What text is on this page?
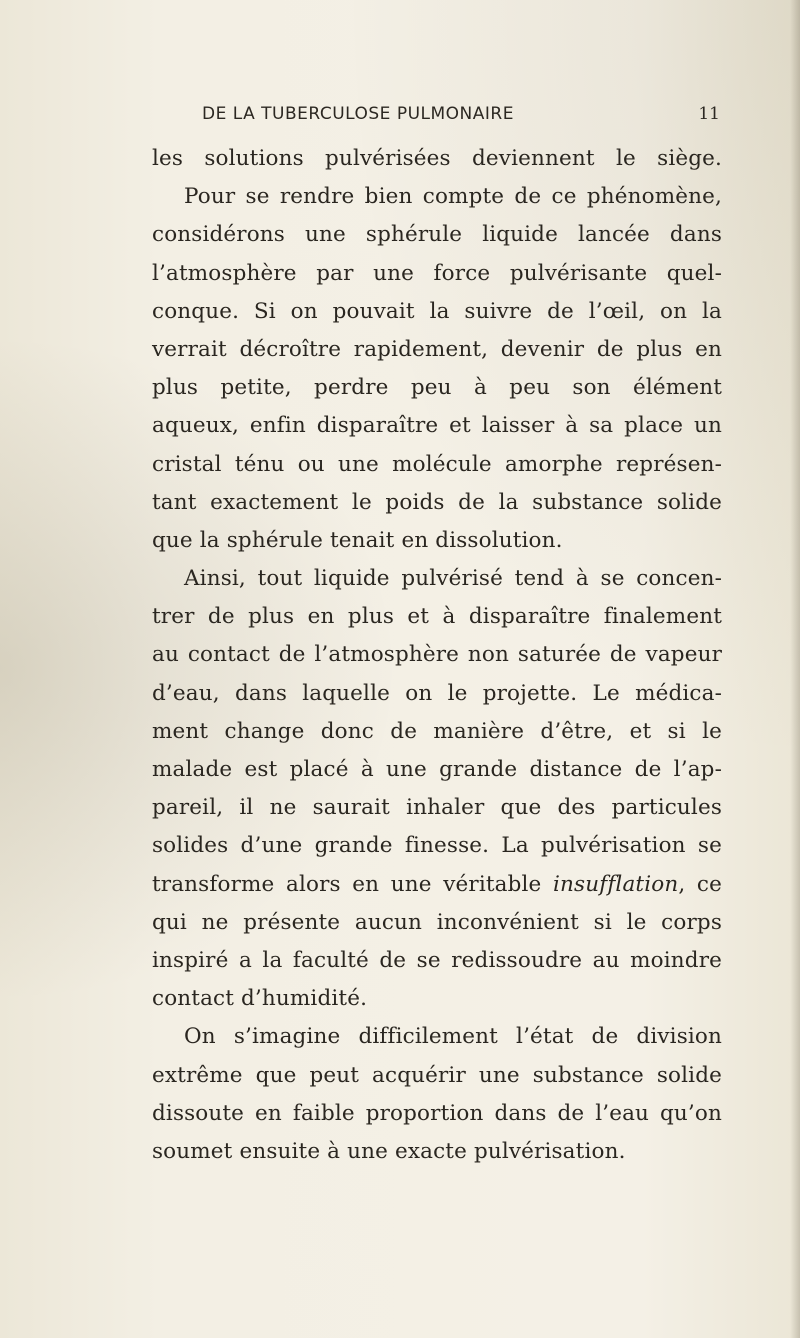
DE LA TUBERCULOSE PULMONAIRE	11
les solutions pulvérisées deviennent le siège.
Pour se rendre bien compte de ce phénomène,
considérons une sphérule liquide lancée dans
l’atmosphère par une force pulvérisante quel-
conque. Si on pouvait la suivre de l’œil, on la
verrait décroître rapidement, devenir de plus en
plus petite, perdre peu à peu son élément
aqueux, enfin disparaître et laisser à sa place un
cristal ténu ou une molécule amorphe représen-
tant exactement le poids de la substance solide
que la sphérule tenait en dissolution.
Ainsi, tout liquide pulvérisé tend à se concen-
trer de plus en plus et à disparaître finalement
au contact de l’atmosphère non saturée de vapeur
d’eau, dans laquelle on le projette. Le médica-
ment change donc de manière d’être, et si le
malade est placé à une grande distance de l’ap-
pareil, il ne saurait inhaler que des particules
solides d’une grande finesse. La pulvérisation se
transforme alors en une véritable insufflation, ce
qui ne présente aucun inconvénient si le corps
inspiré a la faculté de se redissoudre au moindre
contact d’humidité.
On s’imagine difficilement l’état de division
extrême que peut acquérir une substance solide
dissoute en faible proportion dans de l’eau qu’on
soumet ensuite à une exacte pulvérisation.
